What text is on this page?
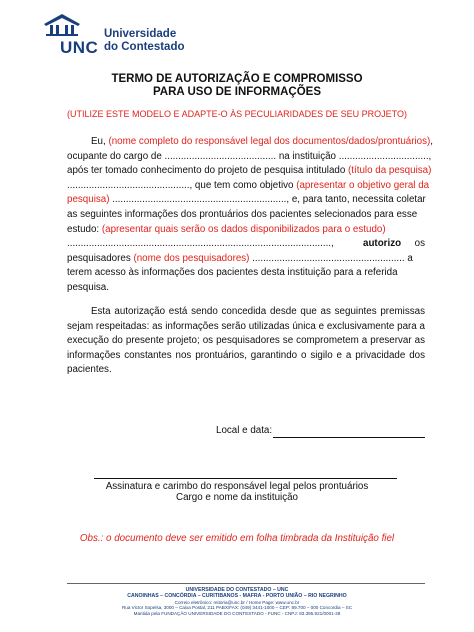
UNC
Universidade
do Contestado
TERMO DE AUTORIZAÇÃO E COMPROMISSO
PARA USO DE INFORMAÇÕES
(UTILIZE ESTE MODELO E ADAPTE-O ÀS PECULIARIDADES DE SEU PROJETO)
Eu, (nome completo do responsável legal dos documentos/dados/prontuários),
ocupante do cargo de ......................................... na instituição .................................,
após ter tomado conhecimento do projeto de pesquisa intitulado (título da pesquisa)
............................................., que tem como objetivo (apresentar o objetivo geral da
pesquisa) ................................................................, e, para tanto, necessita coletar
as seguintes informações dos prontuários dos pacientes selecionados para esse
estudo: (apresentar quais serão os dados disponibilizados para o estudo)
.................................................................................................,	autorizo os
pesquisadores (nome dos pesquisadores) ........................................................ a
terem acesso às informações dos pacientes desta instituição para a referida
pesquisa.

Esta autorização está sendo concedida desde que as seguintes premissas sejam respeitadas: as informações serão utilizadas única e exclusivamente para a execução do presente projeto; os pesquisadores se comprometem a preservar as informações constantes nos prontuários, garantindo o sigilo e a privacidade dos pacientes.

Local e data:
Assinatura e carimbo do responsável legal pelos prontuários
Cargo e nome da instituição
Obs.: o documento deve ser emitido em folha timbrada da Instituição fiel
UNIVERSIDADE DO CONTESTADO – UNC
CANOINHAS – CONCÓRDIA – CURITIBANOS - MAFRA - PORTO UNIÃO – RIO NEGRINHO
Correio eletrônico: reitoria@unc.br / Home Page: www.unc.br
Rua Victor Sopelsa, 3000 – Caixa Postal, 211 PABX/FAX: (049) 3441-1000 – CEP: 89.700 – 000 Concordia – SC
Mantida pela FUNDAÇÃO UNIVERSIDADE DO CONTESTADO - FUNC - CNPJ: 83.395.921/0001-28
